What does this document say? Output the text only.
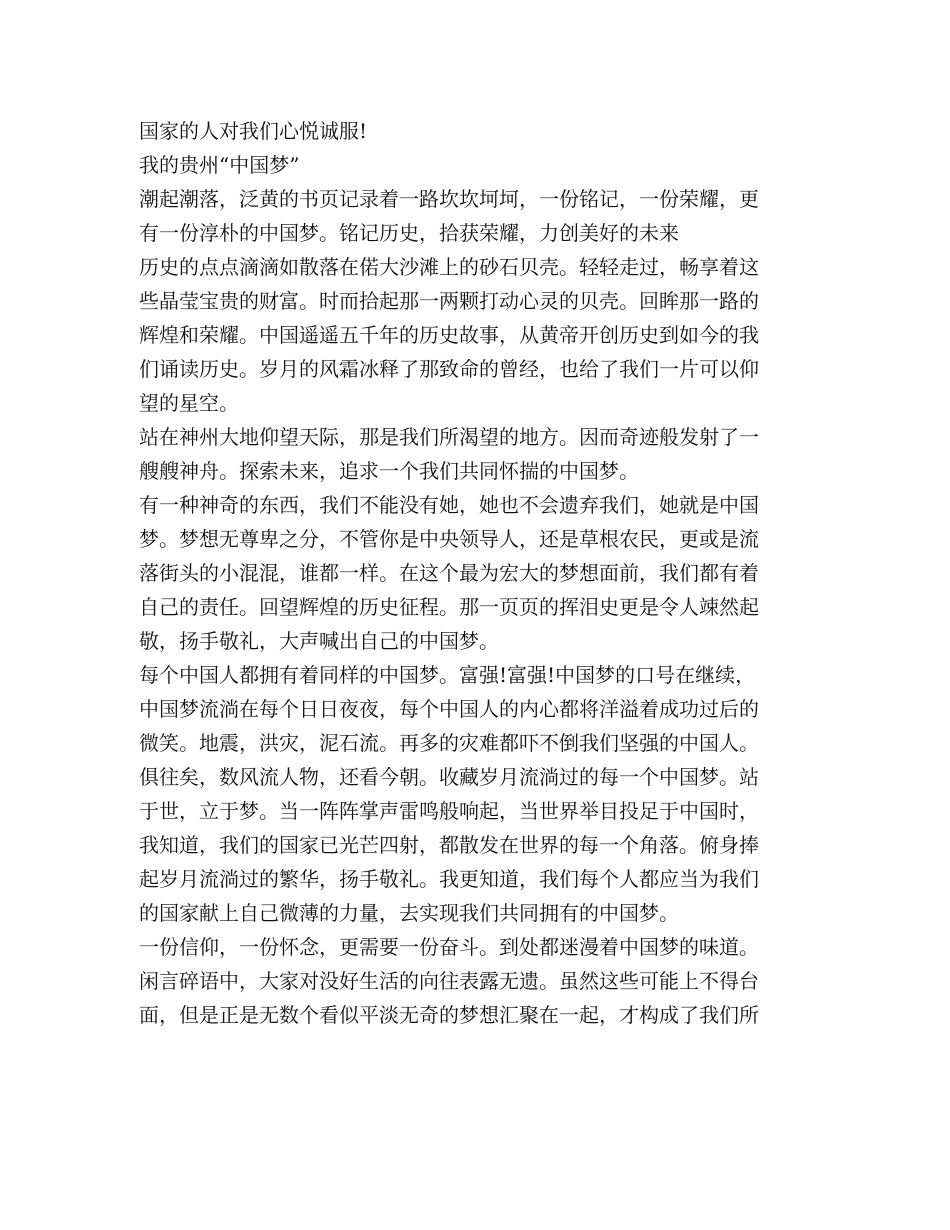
国家的人对我们心悦诚服!
我的贵州“中国梦”
潮起潮落，泛黄的书页记录着一路坎坎坷坷，一份铭记，一份荣耀，更
有一份淳朴的中国梦。铭记历史，拾获荣耀，力创美好的未来
历史的点点滴滴如散落在偌大沙滩上的砂石贝壳。轻轻走过，畅享着这
些晶莹宝贵的财富。时而拾起那一两颗打动心灵的贝壳。回眸那一路的
辉煌和荣耀。中国遥遥五千年的历史故事，从黄帝开创历史到如今的我
们诵读历史。岁月的风霜冰释了那致命的曾经，也给了我们一片可以仰
望的星空。
站在神州大地仰望天际，那是我们所渴望的地方。因而奇迹般发射了一
艘艘神舟。探索未来，追求一个我们共同怀揣的中国梦。
有一种神奇的东西，我们不能没有她，她也不会遗弃我们，她就是中国
梦。梦想无尊卑之分，不管你是中央领导人，还是草根农民，更或是流
落街头的小混混，谁都一样。在这个最为宏大的梦想面前，我们都有着
自己的责任。回望辉煌的历史征程。那一页页的挥泪史更是令人竦然起
敬，扬手敬礼，大声喊出自己的中国梦。
每个中国人都拥有着同样的中国梦。富强!富强!中国梦的口号在继续，
中国梦流淌在每个日日夜夜，每个中国人的内心都将洋溢着成功过后的
微笑。地震，洪灾，泥石流。再多的灾难都吓不倒我们坚强的中国人。
俱往矣，数风流人物，还看今朝。收藏岁月流淌过的每一个中国梦。站
于世，立于梦。当一阵阵掌声雷鸣般响起，当世界举目投足于中国时，
我知道，我们的国家已光芒四射，都散发在世界的每一个角落。俯身捧
起岁月流淌过的繁华，扬手敬礼。我更知道，我们每个人都应当为我们
的国家献上自己微薄的力量，去实现我们共同拥有的中国梦。
一份信仰，一份怀念，更需要一份奋斗。到处都迷漫着中国梦的味道。
闲言碎语中，大家对没好生活的向往表露无遗。虽然这些可能上不得台
面，但是正是无数个看似平淡无奇的梦想汇聚在一起，才构成了我们所
